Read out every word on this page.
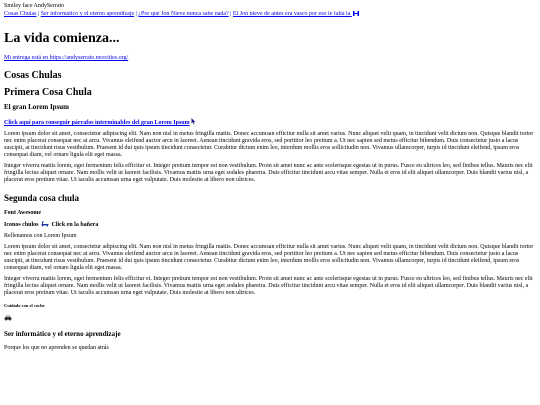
Smiley face AndySerrato
Cosas Chulas | Ser informático y el eterno aprendizaje | ¿Por qué Jon Nieve nunca sabe nada? | El Jon nieve de antes era vasco por eso le falta la
La vida comienza...

Mi entrega está en https://andyserrato.neocities.org/

Cosas Chulas
Primera Cosa Chula
El gran Lorem Ipsum
Click aquí para conseguir párrafos interminables del gran Lorem Ipsum

Lorem ipsum dolor sit amet, consectetur adipiscing elit. Nam non nisl in metus fringilla mattis. Donec accumsan efficitur nulla sit amet varius. Nunc aliquet velit quam, in tincidunt velit dictum non. Quisque blandit tortor nec enim placerat consequat nec at arcu. Vivamus eleifend auctor arcu in laoreet. Aenean tincidunt gravida eros, sed porttitor leo pretium a. Ut nec sapien sed metus efficitur bibendum. Duis consectetur justo a lacus suscipit, at tincidunt risus vestibulum. Praesent id dui quis ipsum tincidunt consectetur. Curabitur dictum enim leo, interdum mollis eros sollicitudin non. Vivamus ullamcorper, turpis id tincidunt eleifend, ipsum eros consequat diam, vel ornare ligula elit eget massa.

Integer viverra mattis lorem, eget fermentum felis efficitur et. Integer pretium tempor est non vestibulum. Proin sit amet nunc ac ante scelerisque egestas ut in purus. Fusce eu ultrices leo, sed finibus tellus. Mauris nec elit fringilla lectus aliquet ornare. Nam mollis velit ut laoreet facilisis. Vivamus mattis urna eget sodales pharetra. Duis efficitur tincidunt arcu vitae semper. Nulla et eros id elit aliquet ullamcorper. Duis blandit varius nisl, a placerat eros pretium vitae. Ut iaculis accumsan urna eget vulputate. Duis molestie at libero non ultrices.

Segunda cosa chula
Font Awesome
Iconos chulos Click en la bañera

Rellenamos con Lorem Ipsum

Lorem ipsum dolor sit amet, consectetur adipiscing elit. Nam non nisl in metus fringilla mattis. Donec accumsan efficitur nulla sit amet varius. Nunc aliquet velit quam, in tincidunt velit dictum non. Quisque blandit tortor nec enim placerat consequat nec at arcu. Vivamus eleifend auctor arcu in laoreet. Aenean tincidunt gravida eros, sed porttitor leo pretium a. Ut nec sapien sed metus efficitur bibendum. Duis consectetur justo a lacus suscipit, at tincidunt risus vestibulum. Praesent id dui quis ipsum tincidunt consectetur. Curabitur dictum enim leo, interdum mollis eros sollicitudin non. Vivamus ullamcorper, turpis id tincidunt eleifend, ipsum eros consequat diam, vel ornare ligula elit eget massa.

Integer viverra mattis lorem, eget fermentum felis efficitur et. Integer pretium tempor est non vestibulum. Proin sit amet nunc ac ante scelerisque egestas ut in purus. Fusce eu ultrices leo, sed finibus tellus. Mauris nec elit fringilla lectus aliquet ornare. Nam mollis velit ut laoreet facilisis. Vivamus mattis urna eget sodales pharetra. Duis efficitur tincidunt arcu vitae semper. Nulla et eros id elit aliquet ullamcorper. Duis blandit varius nisl, a placerat eros pretium vitae. Ut iaculis accumsan urna eget vulputate. Duis molestie at libero non ultrices.

Cuidado con el coche
Ser informático y el eterno aprendizaje

Porque los que no aprenden se quedan atrás
